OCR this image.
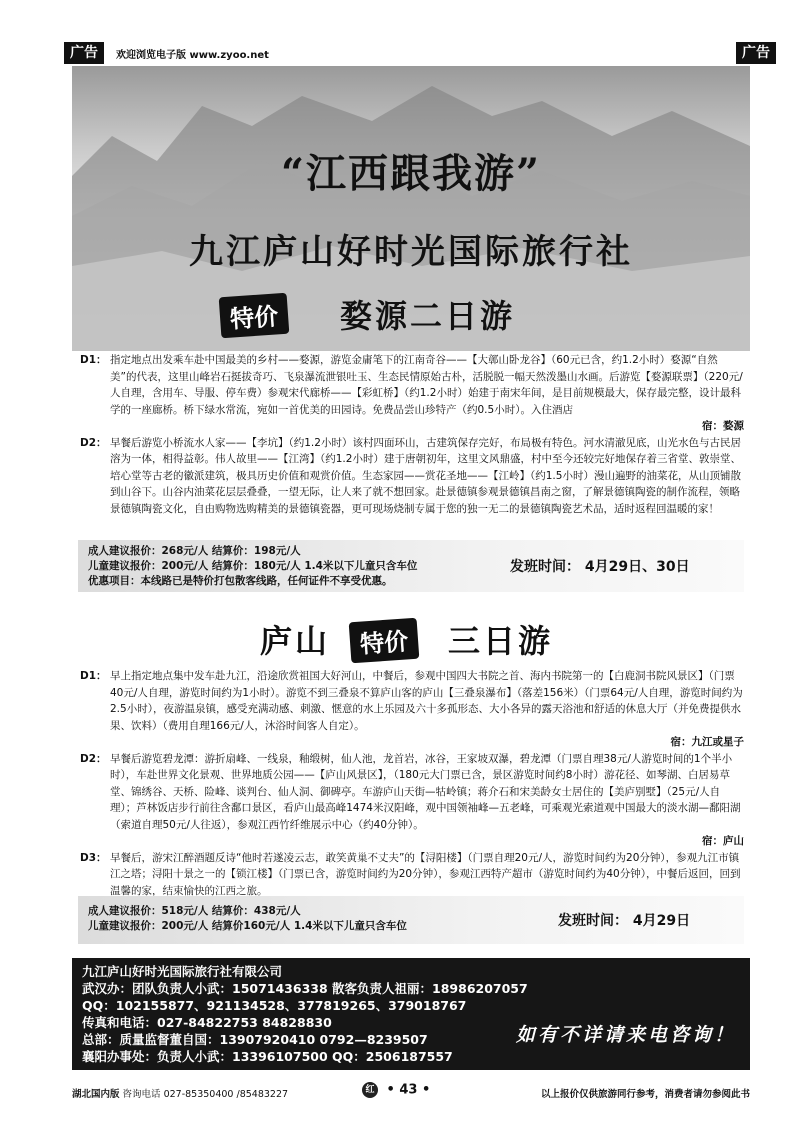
广告	欢迎浏览电子版 www.zyoo.net	广告
“江西跟我游”
九江庐山好时光国际旅行社
特价	婺源二日游
D1： 指定地点出发乘车赴中国最美的乡村——婺源，游览金庸笔下的江南奇谷——【大鄣山卧龙谷】（60元已含，约1.2小时）婺源“自然美”的代表，这里山峰岩石挺拔奇巧、飞泉瀑流泄银吐玉、生态民情原始古朴，活脱脱一幅天然泼墨山水画。后游览【婺源联票】（220元/人自理，含用车、导服、停车费）参观宋代廊桥——【彩虹桥】（约1.2小时）始建于南宋年间，是目前规模最大，保存最完整，设计最科学的一座廊桥。桥下绿水常流，宛如一首优美的田园诗。免费品尝山珍特产（约0.5小时）。入住酒店
宿：婺源
D2： 早餐后游览小桥流水人家——【李坑】（约1.2小时）该村四面环山，古建筑保存完好，布局极有特色。河水清澈见底，山光水色与古民居溶为一体，相得益彰。伟人故里——【江湾】（约1.2小时）建于唐朝初年，这里文风鼎盛，村中至今还较完好地保存着三省堂、敦崇堂、培心堂等古老的徽派建筑，极具历史价值和观赏价值。生态家园——赏花圣地——【江岭】（约1.5小时）漫山遍野的油菜花，从山顶铺散到山谷下。山谷内油菜花层层叠叠，一望无际，让人来了就不想回家。赴景德镇参观景德镇昌南之窗，了解景德镇陶瓷的制作流程，领略景德镇陶瓷文化，自由购物选购精美的景德镇瓷器，更可现场烧制专属于您的独一无二的景德镇陶瓷艺术品，适时返程回温暖的家！
成人建议报价：268元/人 结算价：198元/人
儿童建议报价：200元/人 结算价：180元/人 1.4米以下儿童只含车位
优惠项目：本线路已是特价打包散客线路，任何证件不享受优惠。
发班时间： 4月29日、30日
庐山	特价	三日游
D1： 早上指定地点集中发车赴九江，沿途欣赏祖国大好河山，中餐后，参观中国四大书院之首、海内书院第一的【白鹿洞书院风景区】（门票40元/人自理，游览时间约为1小时）。游览不到三叠泉不算庐山客的庐山【三叠泉瀑布】（落差156米）（门票64元/人自理，游览时间约为2.5小时），夜游温泉镇，感受充满动感、刺激、惬意的水上乐园及六十多孤形态、大小各异的露天浴池和舒适的休息大厅（并免费提供水果、饮料）（费用自理166元/人，沐浴时间客人自定）。
宿：九江或星子
D2： 早餐后游览碧龙潭：游折扇峰、一线泉，釉缎树，仙人池，龙首岩，冰谷，王家坡双瀑，碧龙潭（门票自理38元/人游览时间的1个半小时），车赴世界文化景观、世界地质公园——【庐山风景区】，（180元大门票已含，景区游览时间约8小时）游花径、如琴湖、白居易草堂、锦绣谷、天桥、险峰、谈判台、仙人洞、御碑亭。车游庐山天街—牯岭镇；蒋介石和宋美龄女士居住的【美庐别墅】（25元/人自理）；芦林饭店步行前往含鄱口景区，看庐山最高峰1474米汉阳峰，观中国领袖峰—五老峰，可乘观光索道观中国最大的淡水湖—鄱阳湖（索道自理50元/人往返），参观江西竹纤维展示中心（约40分钟）。
宿：庐山
D3： 早餐后，游宋江醉酒题反诗“他时若遂凌云志，敢笑黄巢不丈夫”的【浔阳楼】（门票自理20元/人，游览时间约为20分钟），参观九江市镇江之塔；浔阳十景之一的【锁江楼】（门票已含，游览时间约为20分钟），参观江西特产超市（游览时间约为40分钟），中餐后返回，回到温馨的家，结束愉快的江西之旅。
成人建议报价：518元/人 结算价：438元/人
儿童建议报价：200元/人 结算价160元/人 1.4米以下儿童只含车位	发班时间： 4月29日
九江庐山好时光国际旅行社有限公司
武汉办：团队负责人小武：15071436338 散客负责人祖丽：18986207057
QQ：102155877、921134528、377819265、379018767
传真和电话：027-84822753 84828830
总部：质量监督董自国：13907920410 0792—8239507
襄阳办事处：负责人小武：13396107500 QQ：2506187557
如有不详请来电咨询！
湖北国内版 咨询电话 027-85350400 /85483227	红 • 43 •	以上报价仅供旅游同行参考，消费者请勿参阅此书
